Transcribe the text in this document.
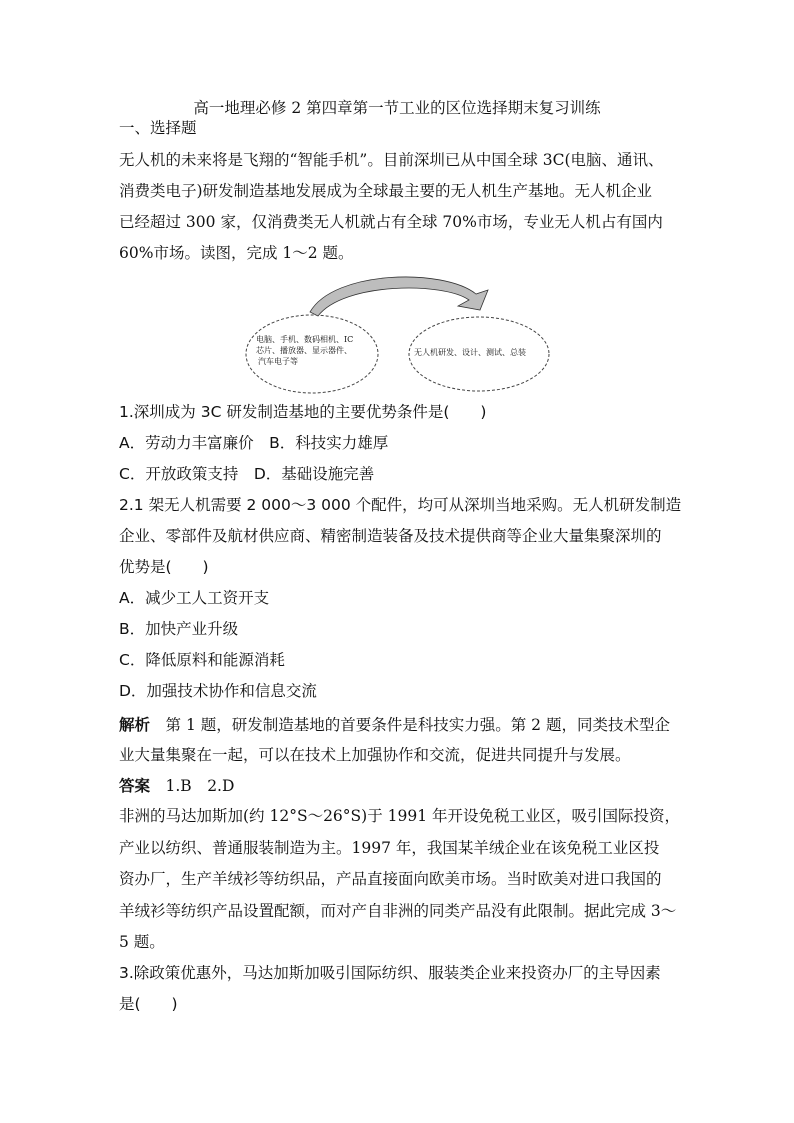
高一地理必修 2 第四章第一节工业的区位选择期末复习训练
一、选择题
无人机的未来将是飞翔的“智能手机”。目前深圳已从中国全球 3C(电脑、通讯、
消费类电子)研发制造基地发展成为全球最主要的无人机生产基地。无人机企业
已经超过 300 家，仅消费类无人机就占有全球 70%市场，专业无人机占有国内
60%市场。读图，完成 1～2 题。
电脑、手机、数码相机、IC
芯片、播放器、显示器件、
汽车电子等
无人机研发、设计、测试、总装
1.深圳成为 3C 研发制造基地的主要优势条件是(　　)
A．劳动力丰富廉价　B．科技实力雄厚
C．开放政策支持　D．基础设施完善
2.1 架无人机需要 2 000～3 000 个配件，均可从深圳当地采购。无人机研发制造
企业、零部件及航材供应商、精密制造装备及技术提供商等企业大量集聚深圳的
优势是(　　)
A．减少工人工资开支
B．加快产业升级
C．降低原料和能源消耗
D．加强技术协作和信息交流
解析　第 1 题，研发制造基地的首要条件是科技实力强。第 2 题，同类技术型企
业大量集聚在一起，可以在技术上加强协作和交流，促进共同提升与发展。
答案　1.B　2.D
非洲的马达加斯加(约 12°S～26°S)于 1991 年开设免税工业区，吸引国际投资，
产业以纺织、普通服装制造为主。1997 年，我国某羊绒企业在该免税工业区投
资办厂，生产羊绒衫等纺织品，产品直接面向欧美市场。当时欧美对进口我国的
羊绒衫等纺织产品设置配额，而对产自非洲的同类产品没有此限制。据此完成 3～
5 题。
3.除政策优惠外，马达加斯加吸引国际纺织、服装类企业来投资办厂的主导因素
是(　　)
